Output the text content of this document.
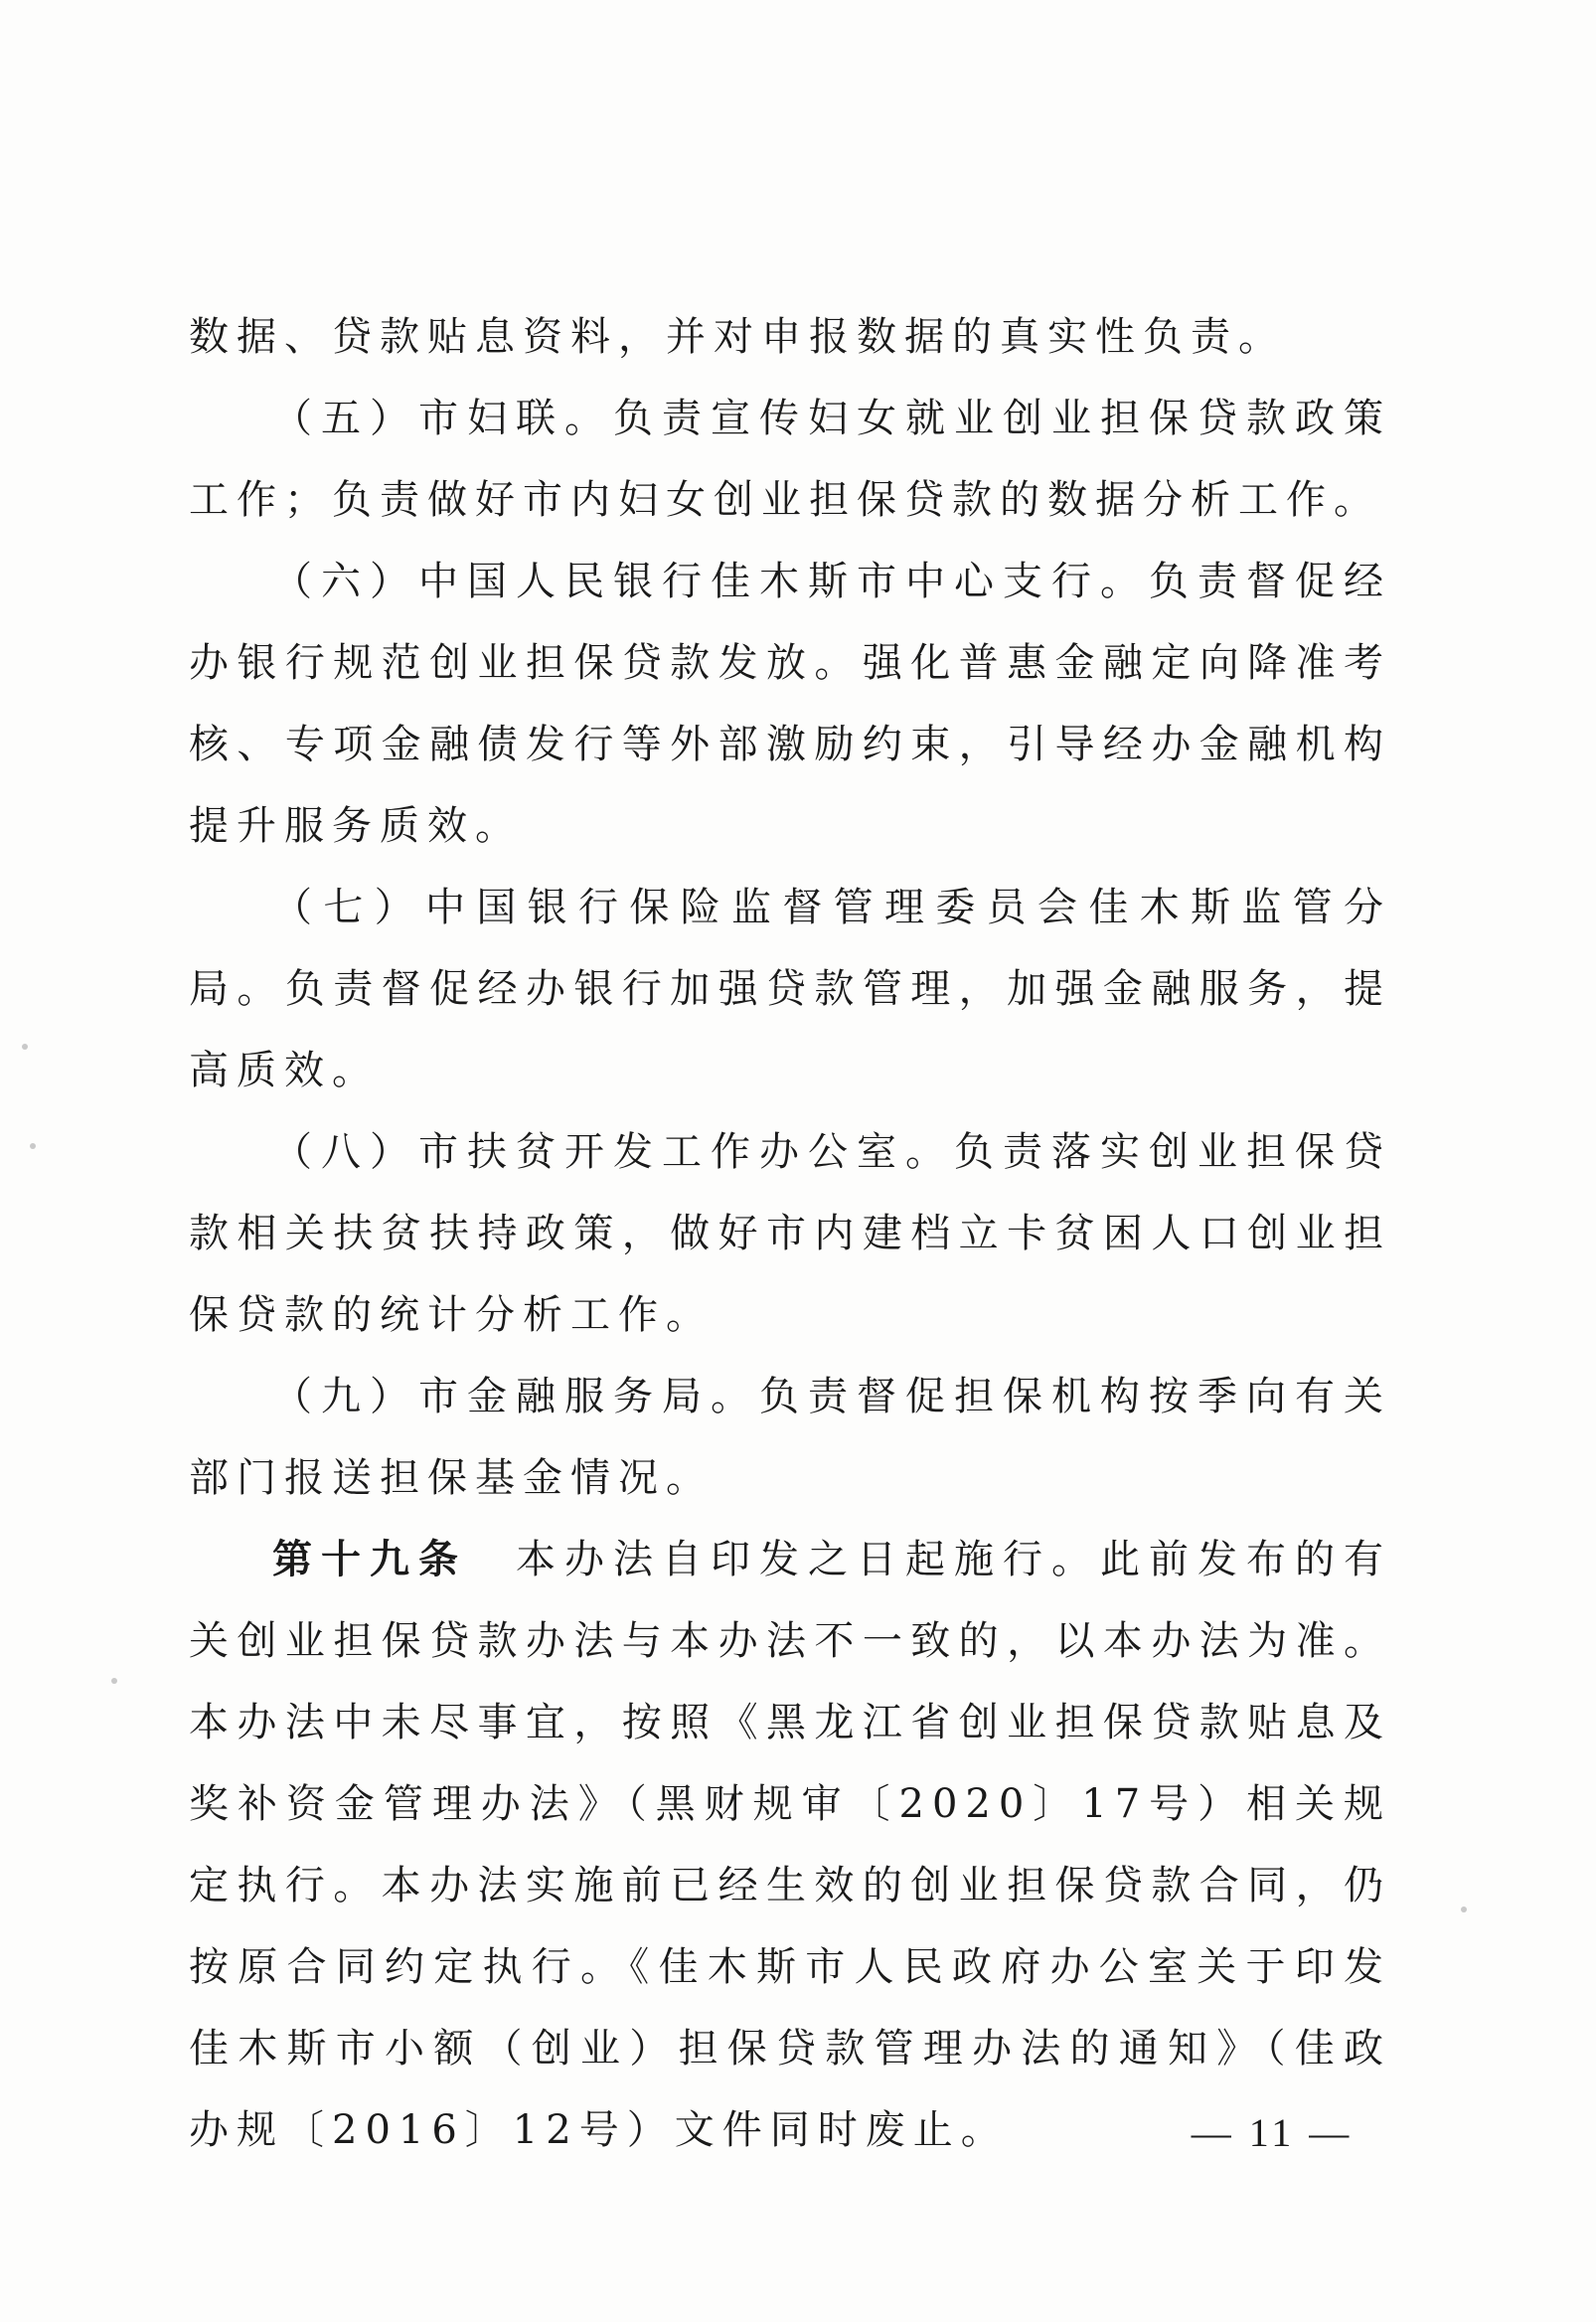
数据、贷款贴息资料，并对申报数据的真实性负责。

（五）市妇联。负责宣传妇女就业创业担保贷款政策工作；负责做好市内妇女创业担保贷款的数据分析工作。

（六）中国人民银行佳木斯市中心支行。负责督促经办银行规范创业担保贷款发放。强化普惠金融定向降准考核、专项金融债发行等外部激励约束，引导经办金融机构提升服务质效。

（七）中国银行保险监督管理委员会佳木斯监管分局。负责督促经办银行加强贷款管理，加强金融服务，提高质效。

（八）市扶贫开发工作办公室。负责落实创业担保贷款相关扶贫扶持政策，做好市内建档立卡贫困人口创业担保贷款的统计分析工作。

（九）市金融服务局。负责督促担保机构按季向有关部门报送担保基金情况。

第十九条　 本办法自印发之日起施行。此前发布的有关创业担保贷款办法与本办法不一致的，以本办法为准。本办法中未尽事宜，按照《黑龙江省创业担保贷款贴息及奖补资金管理办法》（黑财规审〔2020〕17号）相关规定执行。本办法实施前已经生效的创业担保贷款合同，仍按原合同约定执行。《佳木斯市人民政府办公室关于印发佳木斯市小额（创业）担保贷款管理办法的通知》（佳政办规〔2016〕12号）文件同时废止。	— 11 —
